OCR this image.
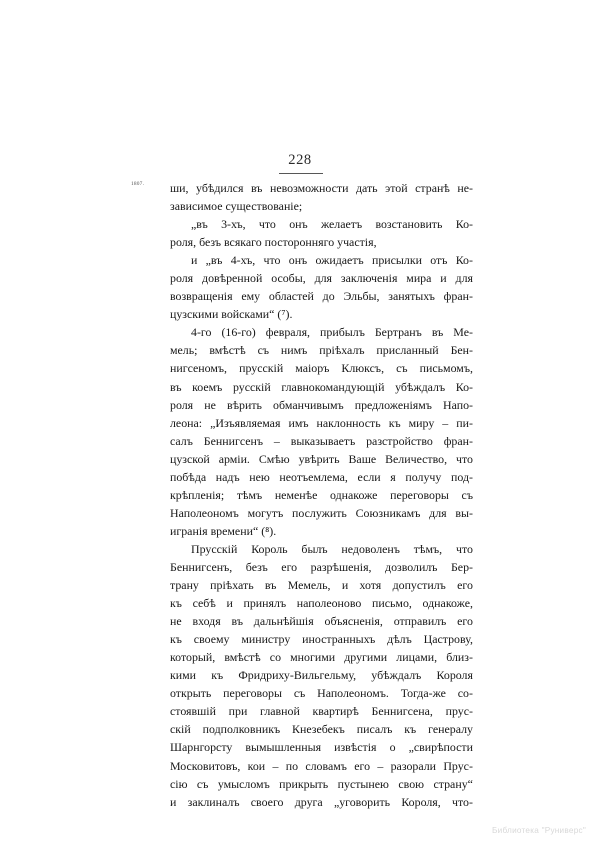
228
1807. ши, убѣдился въ невозможности дать этой странѣ не-
зависимое существованіе;

„въ 3-хъ, что онъ желаетъ возстановить Ко-
роля, безъ всякаго посторонняго участія,

и „въ 4-хъ, что онъ ожидаетъ присылки отъ Ко-
роля довѣренной особы, для заключенія мира и для
возвращенія ему областей до Эльбы, занятыхъ фран-
цузскими войсками“ (⁷).

4-го (16-го) февраля, прибылъ Бертранъ въ Ме-
мель; вмѣстѣ съ нимъ пріѣхалъ присланный Бен-
нигсеномъ, прусскій маіоръ Клюксъ, съ письмомъ,
въ коемъ русскій главнокомандующій убѣждалъ Ко-
роля не вѣрить обманчивымъ предложеніямъ Напо-
леона: „Изъявляемая имъ наклонность къ миру – пи-
салъ Беннигсенъ – выказываетъ разстройство фран-
цузской арміи. Смѣю увѣрить Ваше Величество, что
побѣда надъ нею неотъемлема, если я получу под-
крѣпленія; тѣмъ неменѣе однакоже переговоры съ
Наполеономъ могутъ послужить Союзникамъ для вы-
игранія времени“ (⁸).

Прусскій Король былъ недоволенъ тѣмъ, что
Беннигсенъ, безъ его разрѣшенія, дозволилъ Бер-
трану пріѣхать въ Мемель, и хотя допустилъ его
къ себѣ и принялъ наполеоново письмо, однакоже,
не входя въ дальнѣйшія объясненія, отправилъ его
къ своему министру иностранныхъ дѣлъ Цастрову,
который, вмѣстѣ со многими другими лицами, близ-
кими къ Фридриху-Вильгельму, убѣждалъ Короля
открыть переговоры съ Наполеономъ. Тогда-же со-
стоявшій при главной квартирѣ Беннигсена, прус-
скій подполковникъ Кнезебекъ писалъ къ генералу
Шарнгорсту вымышленныя извѣстія о „свирѣпости
Московитовъ, кои – по словамъ его – разорали Прус-
сію съ умысломъ прикрыть пустынею свою страну“
и заклиналъ своего друга „уговорить Короля, что-

Библиотека "Руниверс"
